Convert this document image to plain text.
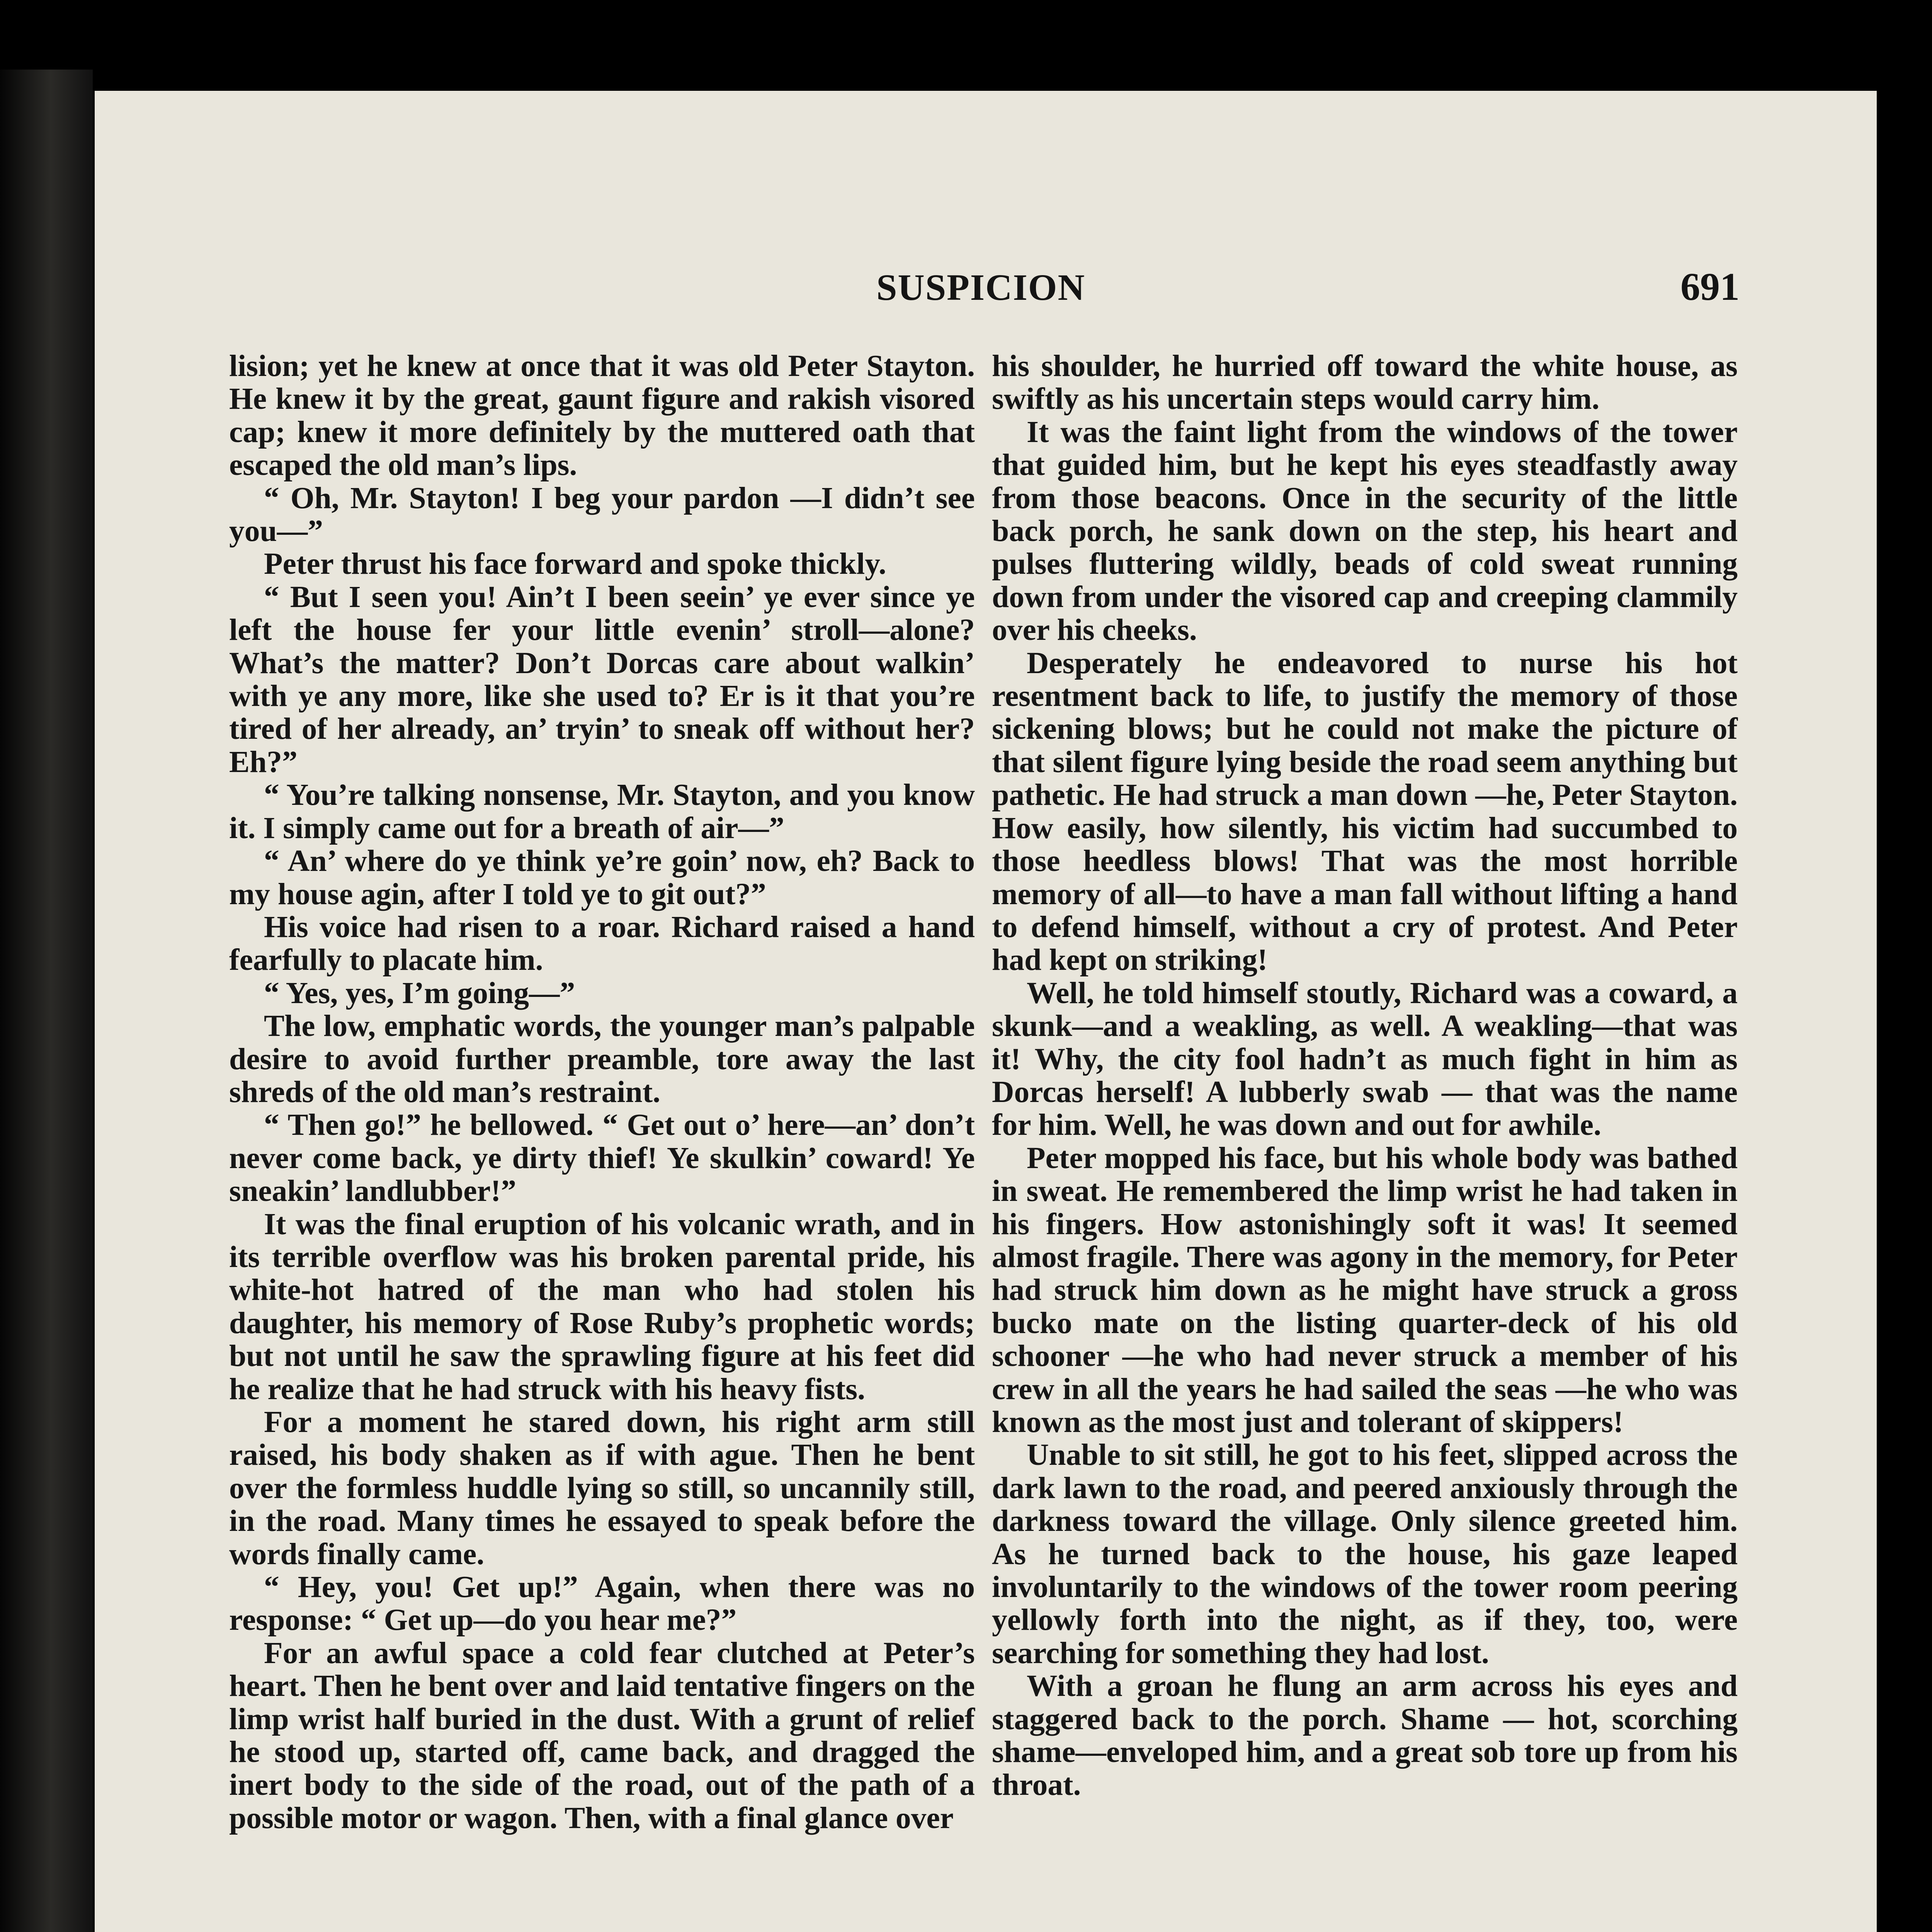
SUSPICION	691

lision; yet he knew at once that it was old Peter Stayton. He knew it by the great, gaunt figure and rakish visored cap; knew it more definitely by the muttered oath that escaped the old man’s lips.

“ Oh, Mr. Stayton! I beg your pardon —I didn’t see you—”

Peter thrust his face forward and spoke thickly.

“ But I seen you! Ain’t I been seein’ ye ever since ye left the house fer your little evenin’ stroll—alone? What’s the matter? Don’t Dorcas care about walkin’ with ye any more, like she used to? Er is it that you’re tired of her already, an’ tryin’ to sneak off without her? Eh?”

“ You’re talking nonsense, Mr. Stayton, and you know it. I simply came out for a breath of air—”

“ An’ where do ye think ye’re goin’ now, eh? Back to my house agin, after I told ye to git out?”

His voice had risen to a roar. Richard raised a hand fearfully to placate him.

“ Yes, yes, I’m going—”

The low, emphatic words, the younger man’s palpable desire to avoid further preamble, tore away the last shreds of the old man’s restraint.

“ Then go!” he bellowed. “ Get out o’ here—an’ don’t never come back, ye dirty thief! Ye skulkin’ coward! Ye sneakin’ landlubber!”

It was the final eruption of his volcanic wrath, and in its terrible overflow was his broken parental pride, his white-hot hatred of the man who had stolen his daughter, his memory of Rose Ruby’s prophetic words; but not until he saw the sprawling figure at his feet did he realize that he had struck with his heavy fists.

For a moment he stared down, his right arm still raised, his body shaken as if with ague. Then he bent over the formless huddle lying so still, so uncannily still, in the road. Many times he essayed to speak before the words finally came.

“ Hey, you! Get up!” Again, when there was no response: “ Get up—do you hear me?”

For an awful space a cold fear clutched at Peter’s heart. Then he bent over and laid tentative fingers on the limp wrist half buried in the dust. With a grunt of relief he stood up, started off, came back, and dragged the inert body to the side of the road, out of the path of a possible motor or wagon. Then, with a final glance over

his shoulder, he hurried off toward the white house, as swiftly as his uncertain steps would carry him.

It was the faint light from the windows of the tower that guided him, but he kept his eyes steadfastly away from those beacons. Once in the security of the little back porch, he sank down on the step, his heart and pulses fluttering wildly, beads of cold sweat running down from under the visored cap and creeping clammily over his cheeks.

Desperately he endeavored to nurse his hot resentment back to life, to justify the memory of those sickening blows; but he could not make the picture of that silent figure lying beside the road seem anything but pathetic. He had struck a man down —he, Peter Stayton. How easily, how silently, his victim had succumbed to those heedless blows! That was the most horrible memory of all—to have a man fall without lifting a hand to defend himself, without a cry of protest. And Peter had kept on striking!

Well, he told himself stoutly, Richard was a coward, a skunk—and a weakling, as well. A weakling—that was it! Why, the city fool hadn’t as much fight in him as Dorcas herself! A lubberly swab — that was the name for him. Well, he was down and out for awhile.

Peter mopped his face, but his whole body was bathed in sweat. He remembered the limp wrist he had taken in his fingers. How astonishingly soft it was! It seemed almost fragile. There was agony in the memory, for Peter had struck him down as he might have struck a gross bucko mate on the listing quarter-deck of his old schooner —he who had never struck a member of his crew in all the years he had sailed the seas —he who was known as the most just and tolerant of skippers!

Unable to sit still, he got to his feet, slipped across the dark lawn to the road, and peered anxiously through the darkness toward the village. Only silence greeted him. As he turned back to the house, his gaze leaped involuntarily to the windows of the tower room peering yellowly forth into the night, as if they, too, were searching for something they had lost.

With a groan he flung an arm across his eyes and staggered back to the porch. Shame — hot, scorching shame—enveloped him, and a great sob tore up from his throat.
